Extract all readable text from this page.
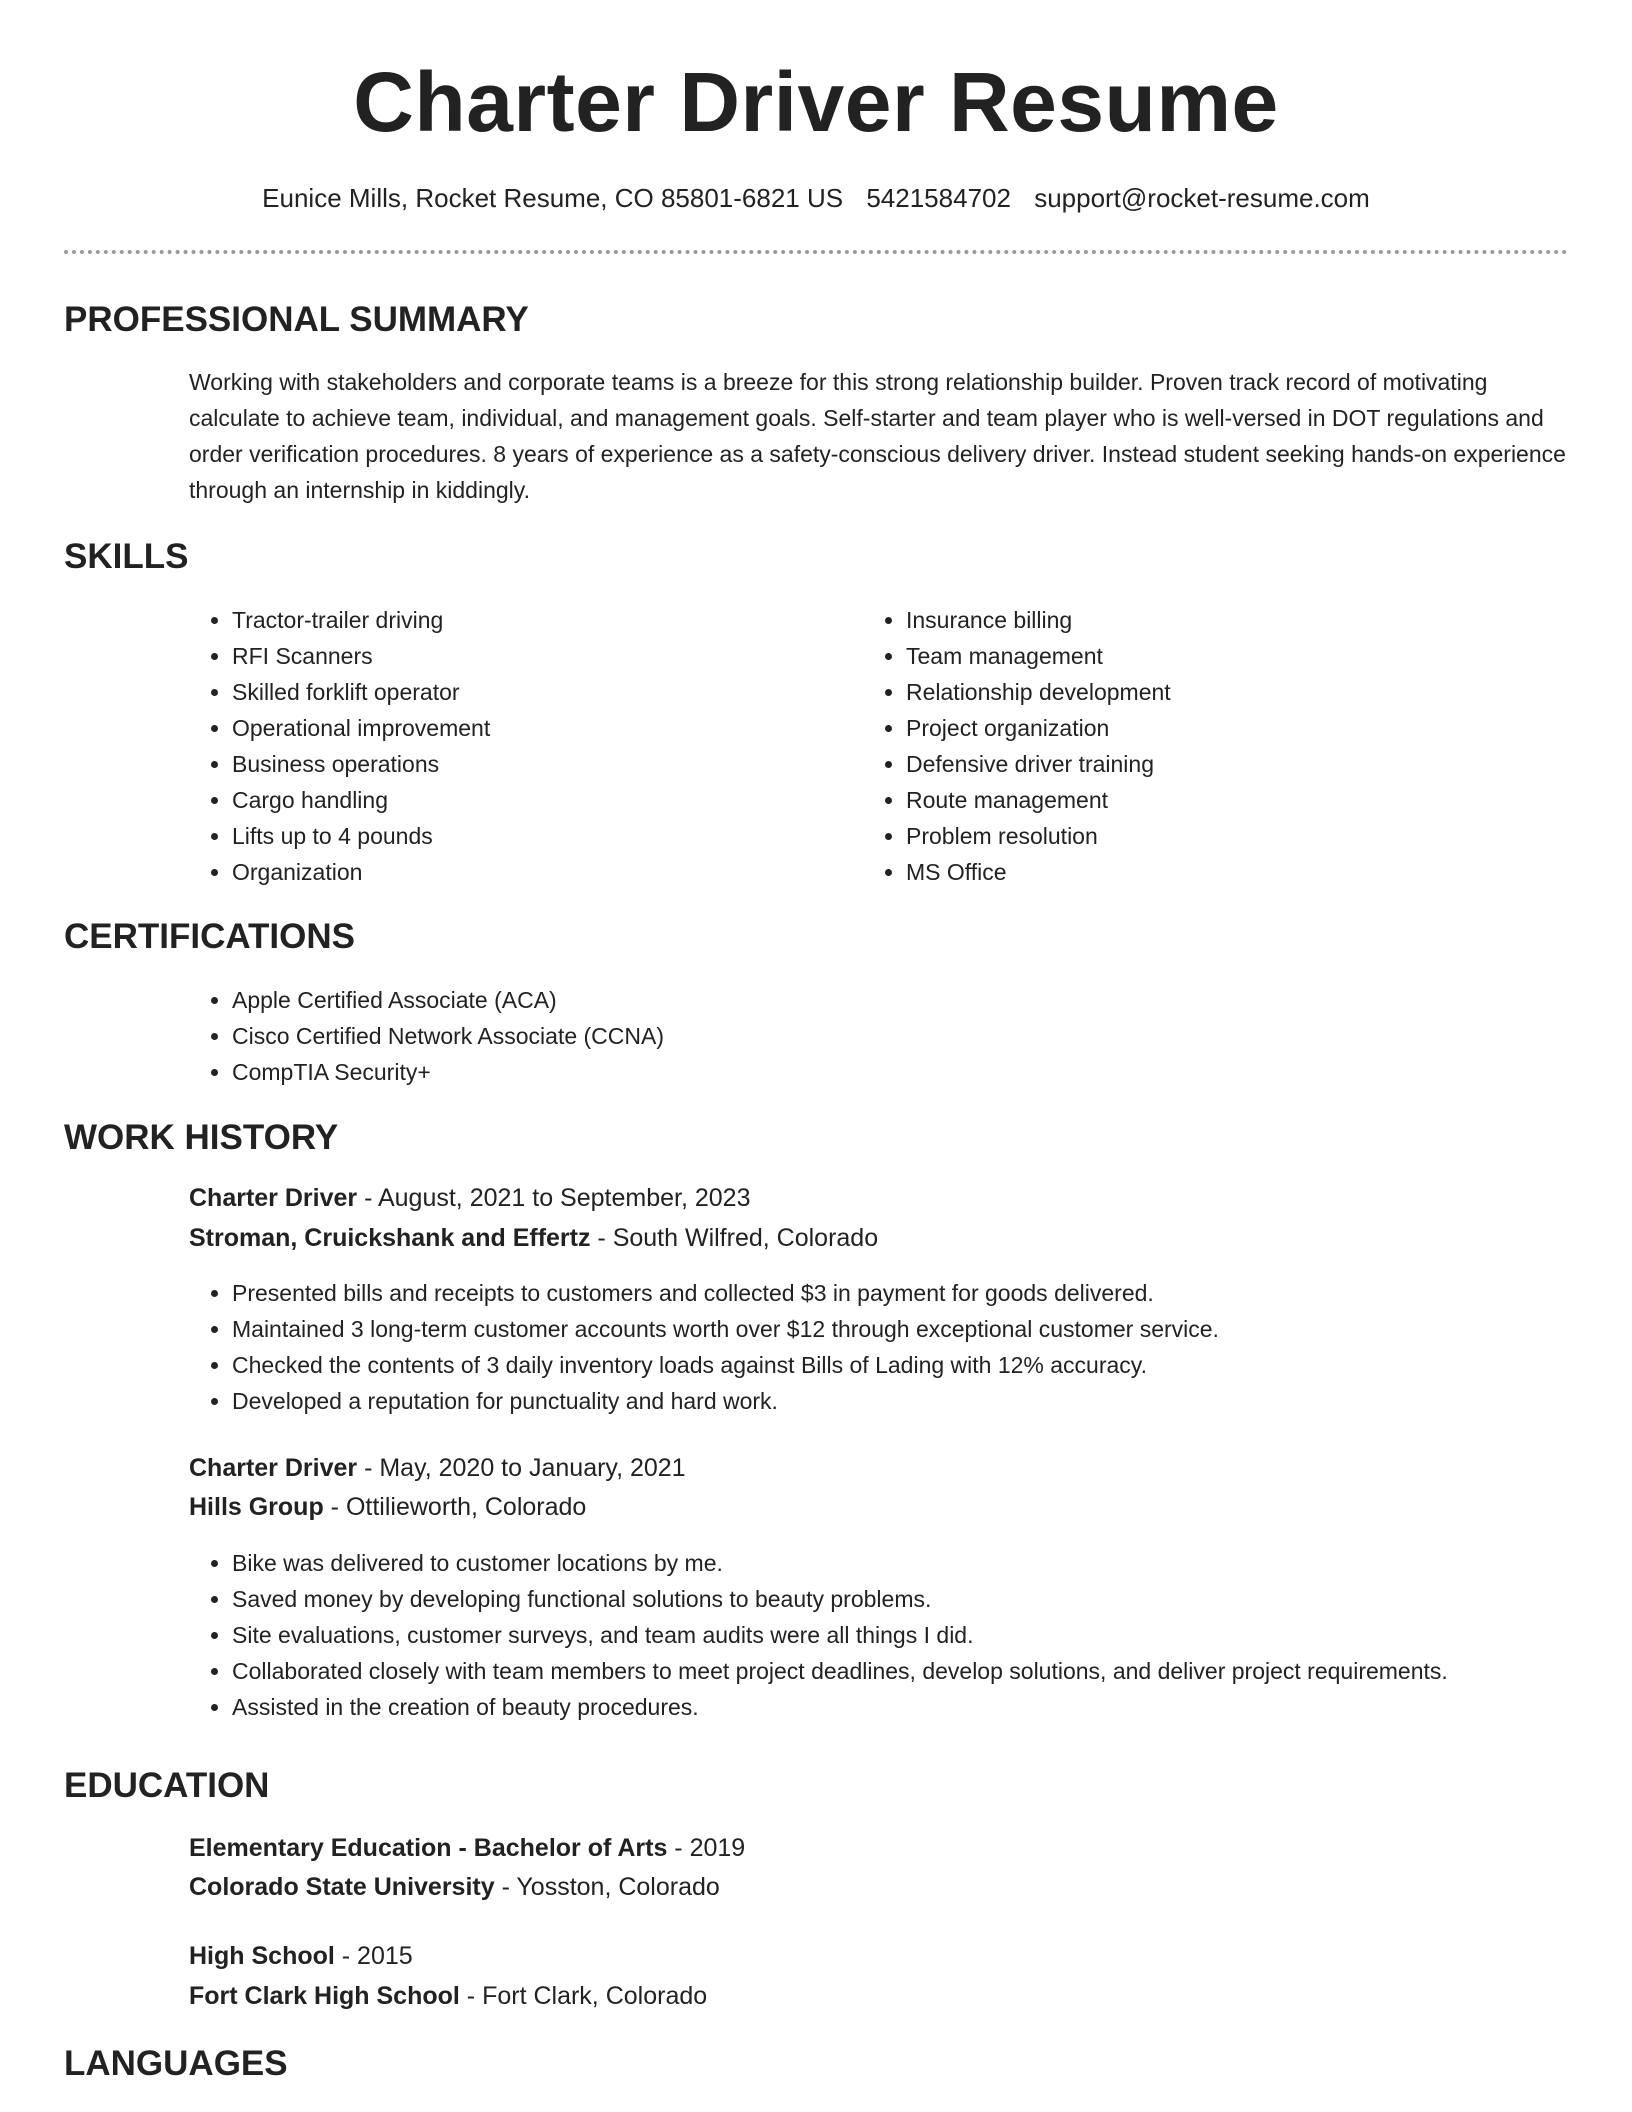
Charter Driver Resume
Eunice Mills, Rocket Resume, CO 85801-6821 US 5421584702 support@rocket-resume.com
PROFESSIONAL SUMMARY

Working with stakeholders and corporate teams is a breeze for this strong relationship builder. Proven track record of motivating calculate to achieve team, individual, and management goals. Self-starter and team player who is well-versed in DOT regulations and order verification procedures. 8 years of experience as a safety-conscious delivery driver. Instead student seeking hands-on experience through an internship in kiddingly.

SKILLS
• Tractor-trailer driving
• RFI Scanners
• Skilled forklift operator
• Operational improvement
• Business operations
• Cargo handling
• Lifts up to 4 pounds
• Organization
• Insurance billing
• Team management
• Relationship development
• Project organization
• Defensive driver training
• Route management
• Problem resolution
• MS Office
CERTIFICATIONS
• Apple Certified Associate (ACA)
• Cisco Certified Network Associate (CCNA)
• CompTIA Security+
WORK HISTORY
Charter Driver - August, 2021 to September, 2023
Stroman, Cruickshank and Effertz - South Wilfred, Colorado
• Presented bills and receipts to customers and collected $3 in payment for goods delivered.
• Maintained 3 long-term customer accounts worth over $12 through exceptional customer service.
• Checked the contents of 3 daily inventory loads against Bills of Lading with 12% accuracy.
• Developed a reputation for punctuality and hard work.
Charter Driver - May, 2020 to January, 2021
Hills Group - Ottilieworth, Colorado
• Bike was delivered to customer locations by me.
• Saved money by developing functional solutions to beauty problems.
• Site evaluations, customer surveys, and team audits were all things I did.
• Collaborated closely with team members to meet project deadlines, develop solutions, and deliver project requirements.
• Assisted in the creation of beauty procedures.
EDUCATION
Elementary Education - Bachelor of Arts - 2019
Colorado State University - Yosston, Colorado
High School - 2015
Fort Clark High School - Fort Clark, Colorado
LANGUAGES
